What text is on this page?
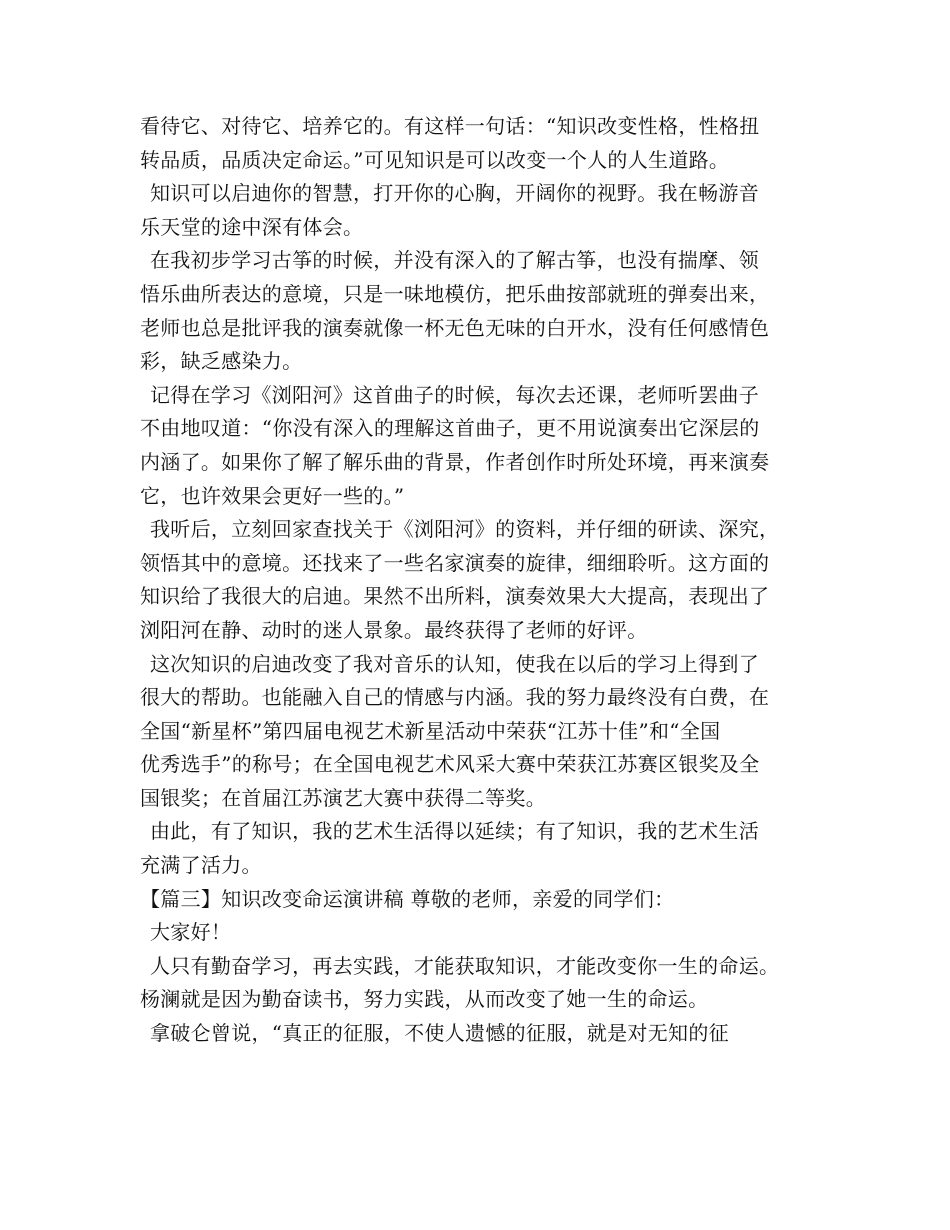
看待它、对待它、培养它的。有这样一句话：“知识改变性格，性格扭
转品质，品质决定命运。”可见知识是可以改变一个人的人生道路。
知识可以启迪你的智慧，打开你的心胸，开阔你的视野。我在畅游音
乐天堂的途中深有体会。
在我初步学习古筝的时候，并没有深入的了解古筝，也没有揣摩、领
悟乐曲所表达的意境，只是一味地模仿，把乐曲按部就班的弹奏出来，
老师也总是批评我的演奏就像一杯无色无味的白开水，没有任何感情色
彩，缺乏感染力。
记得在学习《浏阳河》这首曲子的时候，每次去还课，老师听罢曲子
不由地叹道：“你没有深入的理解这首曲子，更不用说演奏出它深层的
内涵了。如果你了解了解乐曲的背景，作者创作时所处环境，再来演奏
它，也许效果会更好一些的。”
我听后，立刻回家查找关于《浏阳河》的资料，并仔细的研读、深究，
领悟其中的意境。还找来了一些名家演奏的旋律，细细聆听。这方面的
知识给了我很大的启迪。果然不出所料，演奏效果大大提高，表现出了
浏阳河在静、动时的迷人景象。最终获得了老师的好评。
这次知识的启迪改变了我对音乐的认知，使我在以后的学习上得到了
很大的帮助。也能融入自己的情感与内涵。我的努力最终没有白费，在
全国“新星杯”第四届电视艺术新星活动中荣获“江苏十佳”和“全国
优秀选手”的称号；在全国电视艺术风采大赛中荣获江苏赛区银奖及全
国银奖；在首届江苏演艺大赛中获得二等奖。
由此，有了知识，我的艺术生活得以延续；有了知识，我的艺术生活
充满了活力。
【篇三】知识改变命运演讲稿 尊敬的老师，亲爱的同学们：
大家好！
人只有勤奋学习，再去实践，才能获取知识，才能改变你一生的命运。
杨澜就是因为勤奋读书，努力实践，从而改变了她一生的命运。
拿破仑曾说，“真正的征服，不使人遗憾的征服，就是对无知的征
